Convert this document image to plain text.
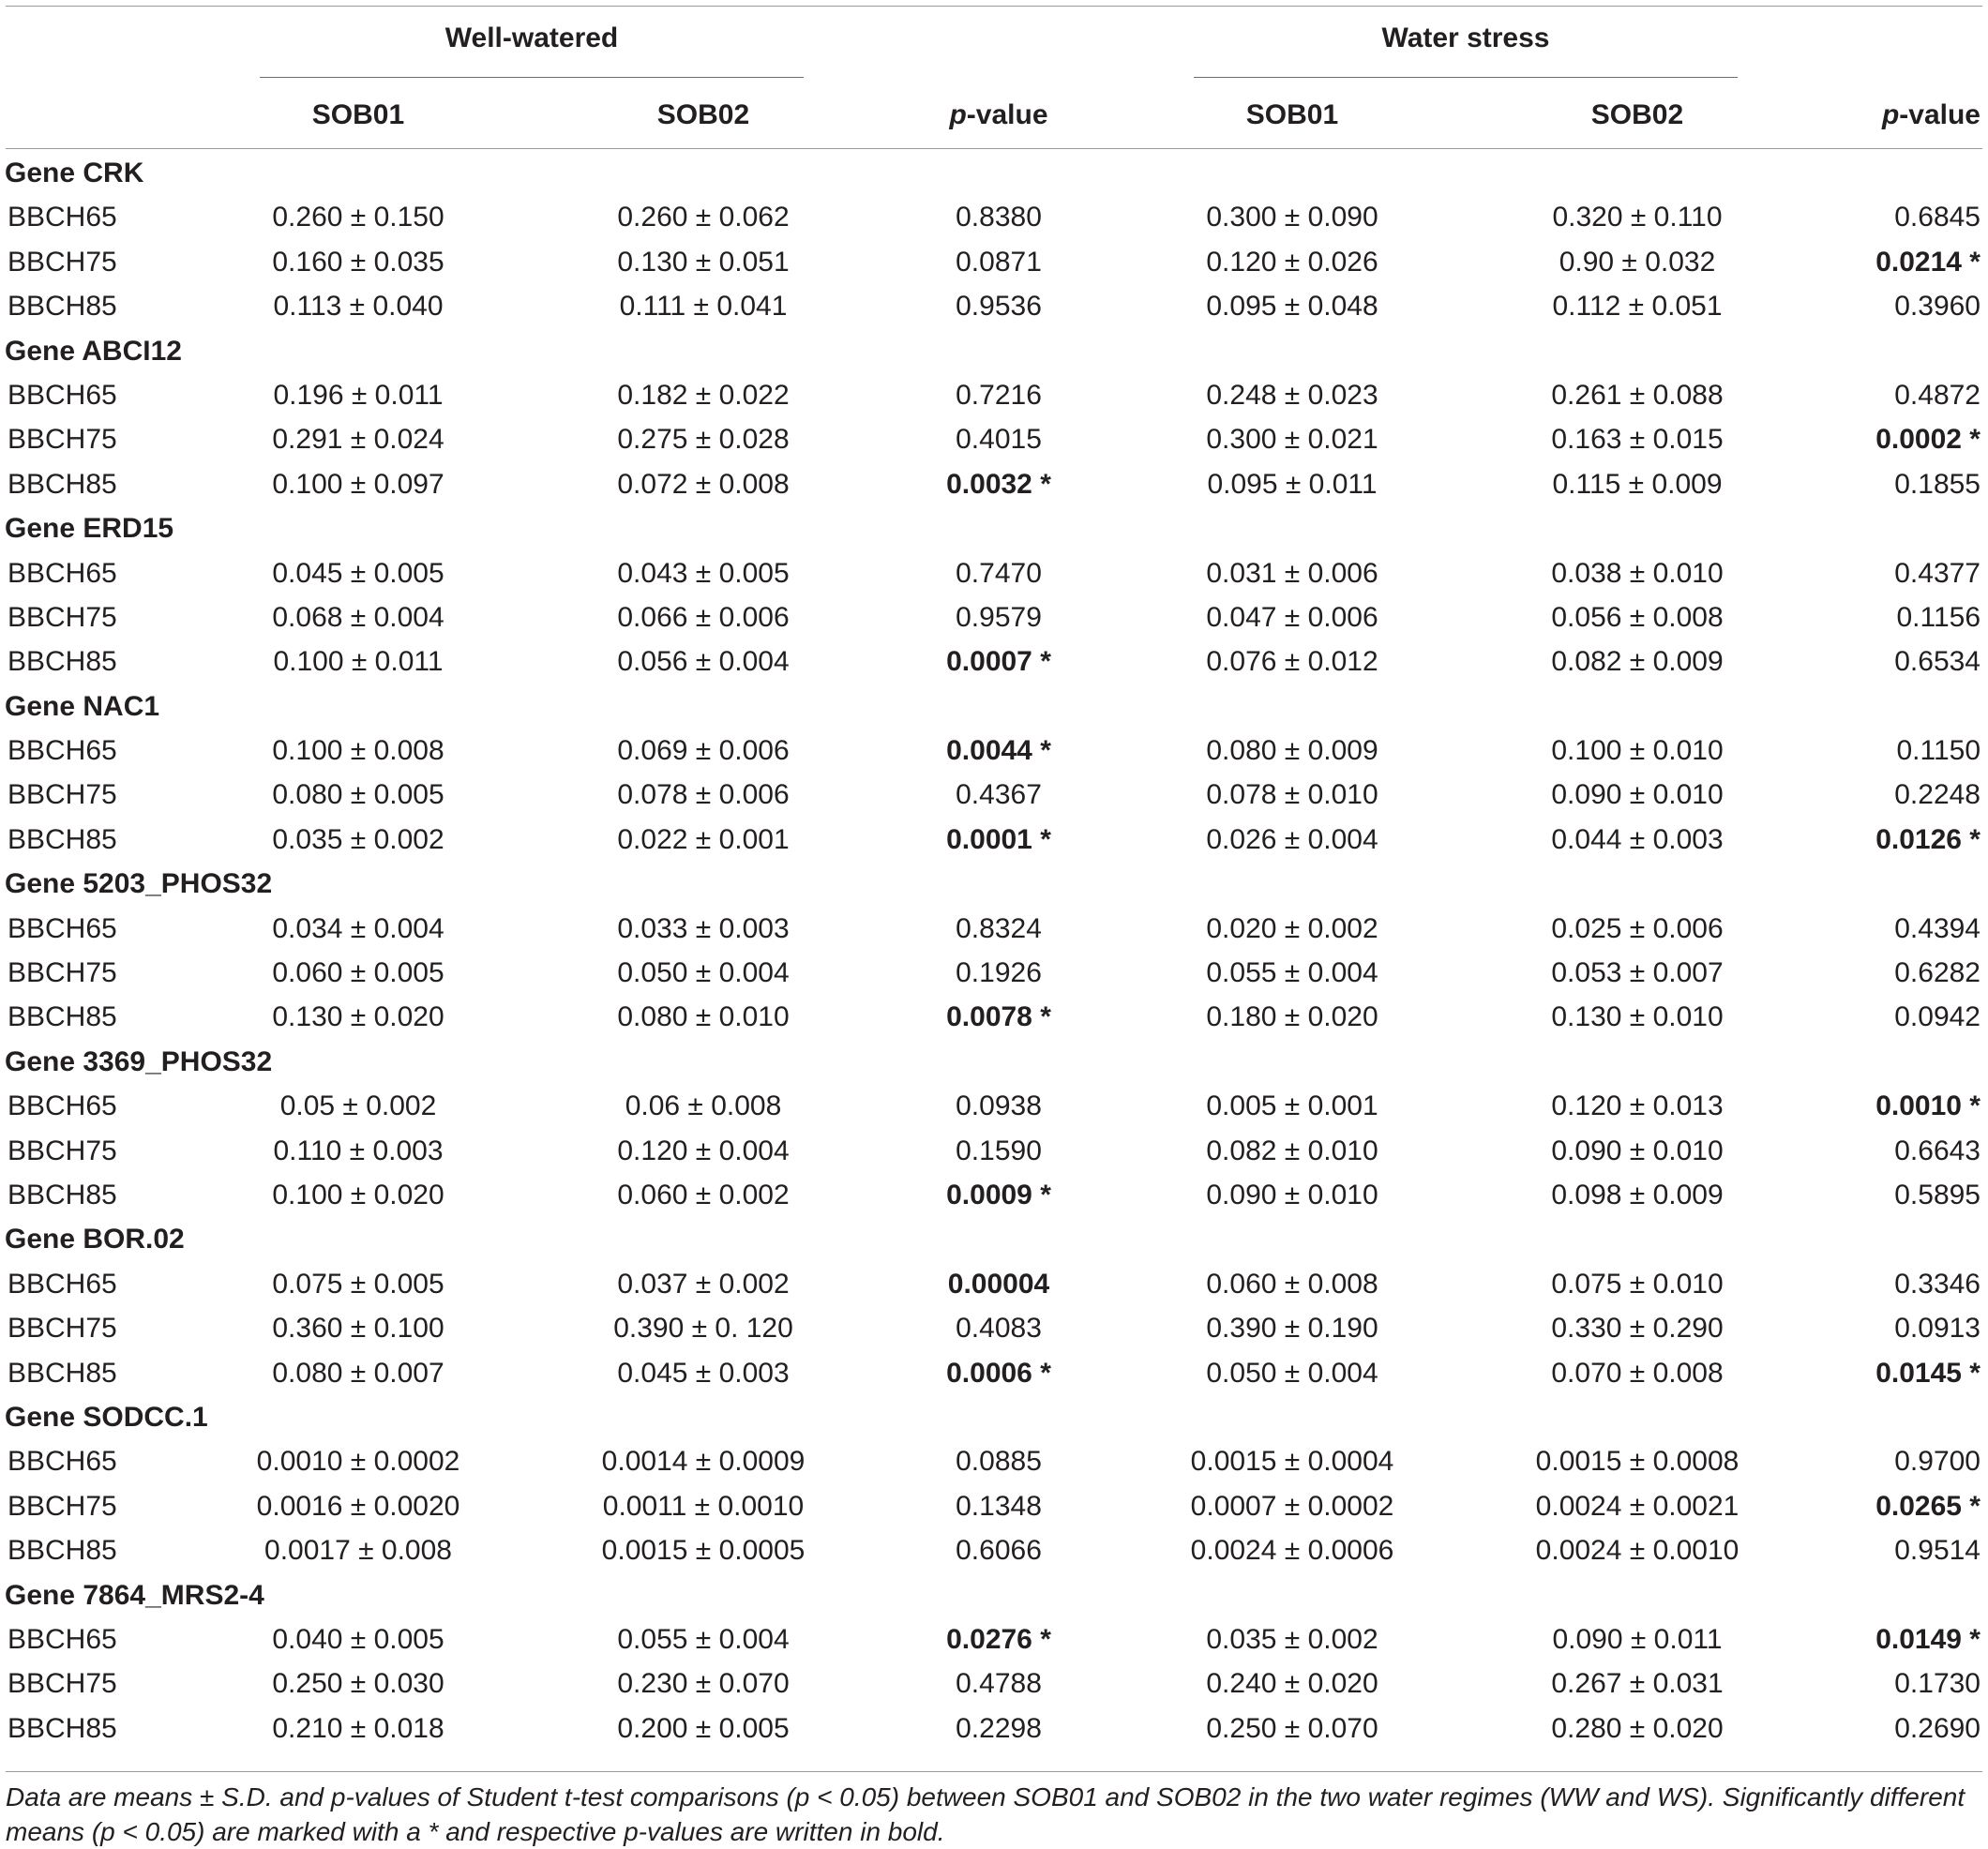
Well-watered	Water stress
SOB01	SOB02	p-value	SOB01	SOB02	p-value
Gene CRK
BBCH65	0.260 ± 0.150	0.260 ± 0.062	0.8380	0.300 ± 0.090	0.320 ± 0.110	0.6845
BBCH75	0.160 ± 0.035	0.130 ± 0.051	0.0871	0.120 ± 0.026	0.90 ± 0.032	0.0214 *
BBCH85	0.113 ± 0.040	0.111 ± 0.041	0.9536	0.095 ± 0.048	0.112 ± 0.051	0.3960
Gene ABCI12
BBCH65	0.196 ± 0.011	0.182 ± 0.022	0.7216	0.248 ± 0.023	0.261 ± 0.088	0.4872
BBCH75	0.291 ± 0.024	0.275 ± 0.028	0.4015	0.300 ± 0.021	0.163 ± 0.015	0.0002 *
BBCH85	0.100 ± 0.097	0.072 ± 0.008	0.0032 *	0.095 ± 0.011	0.115 ± 0.009	0.1855
Gene ERD15
BBCH65	0.045 ± 0.005	0.043 ± 0.005	0.7470	0.031 ± 0.006	0.038 ± 0.010	0.4377
BBCH75	0.068 ± 0.004	0.066 ± 0.006	0.9579	0.047 ± 0.006	0.056 ± 0.008	0.1156
BBCH85	0.100 ± 0.011	0.056 ± 0.004	0.0007 *	0.076 ± 0.012	0.082 ± 0.009	0.6534
Gene NAC1
BBCH65	0.100 ± 0.008	0.069 ± 0.006	0.0044 *	0.080 ± 0.009	0.100 ± 0.010	0.1150
BBCH75	0.080 ± 0.005	0.078 ± 0.006	0.4367	0.078 ± 0.010	0.090 ± 0.010	0.2248
BBCH85	0.035 ± 0.002	0.022 ± 0.001	0.0001 *	0.026 ± 0.004	0.044 ± 0.003	0.0126 *
Gene 5203_PHOS32
BBCH65	0.034 ± 0.004	0.033 ± 0.003	0.8324	0.020 ± 0.002	0.025 ± 0.006	0.4394
BBCH75	0.060 ± 0.005	0.050 ± 0.004	0.1926	0.055 ± 0.004	0.053 ± 0.007	0.6282
BBCH85	0.130 ± 0.020	0.080 ± 0.010	0.0078 *	0.180 ± 0.020	0.130 ± 0.010	0.0942
Gene 3369_PHOS32
BBCH65	0.05 ± 0.002	0.06 ± 0.008	0.0938	0.005 ± 0.001	0.120 ± 0.013	0.0010 *
BBCH75	0.110 ± 0.003	0.120 ± 0.004	0.1590	0.082 ± 0.010	0.090 ± 0.010	0.6643
BBCH85	0.100 ± 0.020	0.060 ± 0.002	0.0009 *	0.090 ± 0.010	0.098 ± 0.009	0.5895
Gene BOR.02
BBCH65	0.075 ± 0.005	0.037 ± 0.002	0.00004	0.060 ± 0.008	0.075 ± 0.010	0.3346
BBCH75	0.360 ± 0.100	0.390 ± 0. 120	0.4083	0.390 ± 0.190	0.330 ± 0.290	0.0913
BBCH85	0.080 ± 0.007	0.045 ± 0.003	0.0006 *	0.050 ± 0.004	0.070 ± 0.008	0.0145 *
Gene SODCC.1
BBCH65	0.0010 ± 0.0002	0.0014 ± 0.0009	0.0885	0.0015 ± 0.0004	0.0015 ± 0.0008	0.9700
BBCH75	0.0016 ± 0.0020	0.0011 ± 0.0010	0.1348	0.0007 ± 0.0002	0.0024 ± 0.0021	0.0265 *
BBCH85	0.0017 ± 0.008	0.0015 ± 0.0005	0.6066	0.0024 ± 0.0006	0.0024 ± 0.0010	0.9514
Gene 7864_MRS2-4
BBCH65	0.040 ± 0.005	0.055 ± 0.004	0.0276 *	0.035 ± 0.002	0.090 ± 0.011	0.0149 *
BBCH75	0.250 ± 0.030	0.230 ± 0.070	0.4788	0.240 ± 0.020	0.267 ± 0.031	0.1730
BBCH85	0.210 ± 0.018	0.200 ± 0.005	0.2298	0.250 ± 0.070	0.280 ± 0.020	0.2690
Data are means ± S.D. and p-values of Student t-test comparisons (p < 0.05) between SOB01 and SOB02 in the two water regimes (WW and WS). Significantly different means (p < 0.05) are marked with a * and respective p-values are written in bold.
